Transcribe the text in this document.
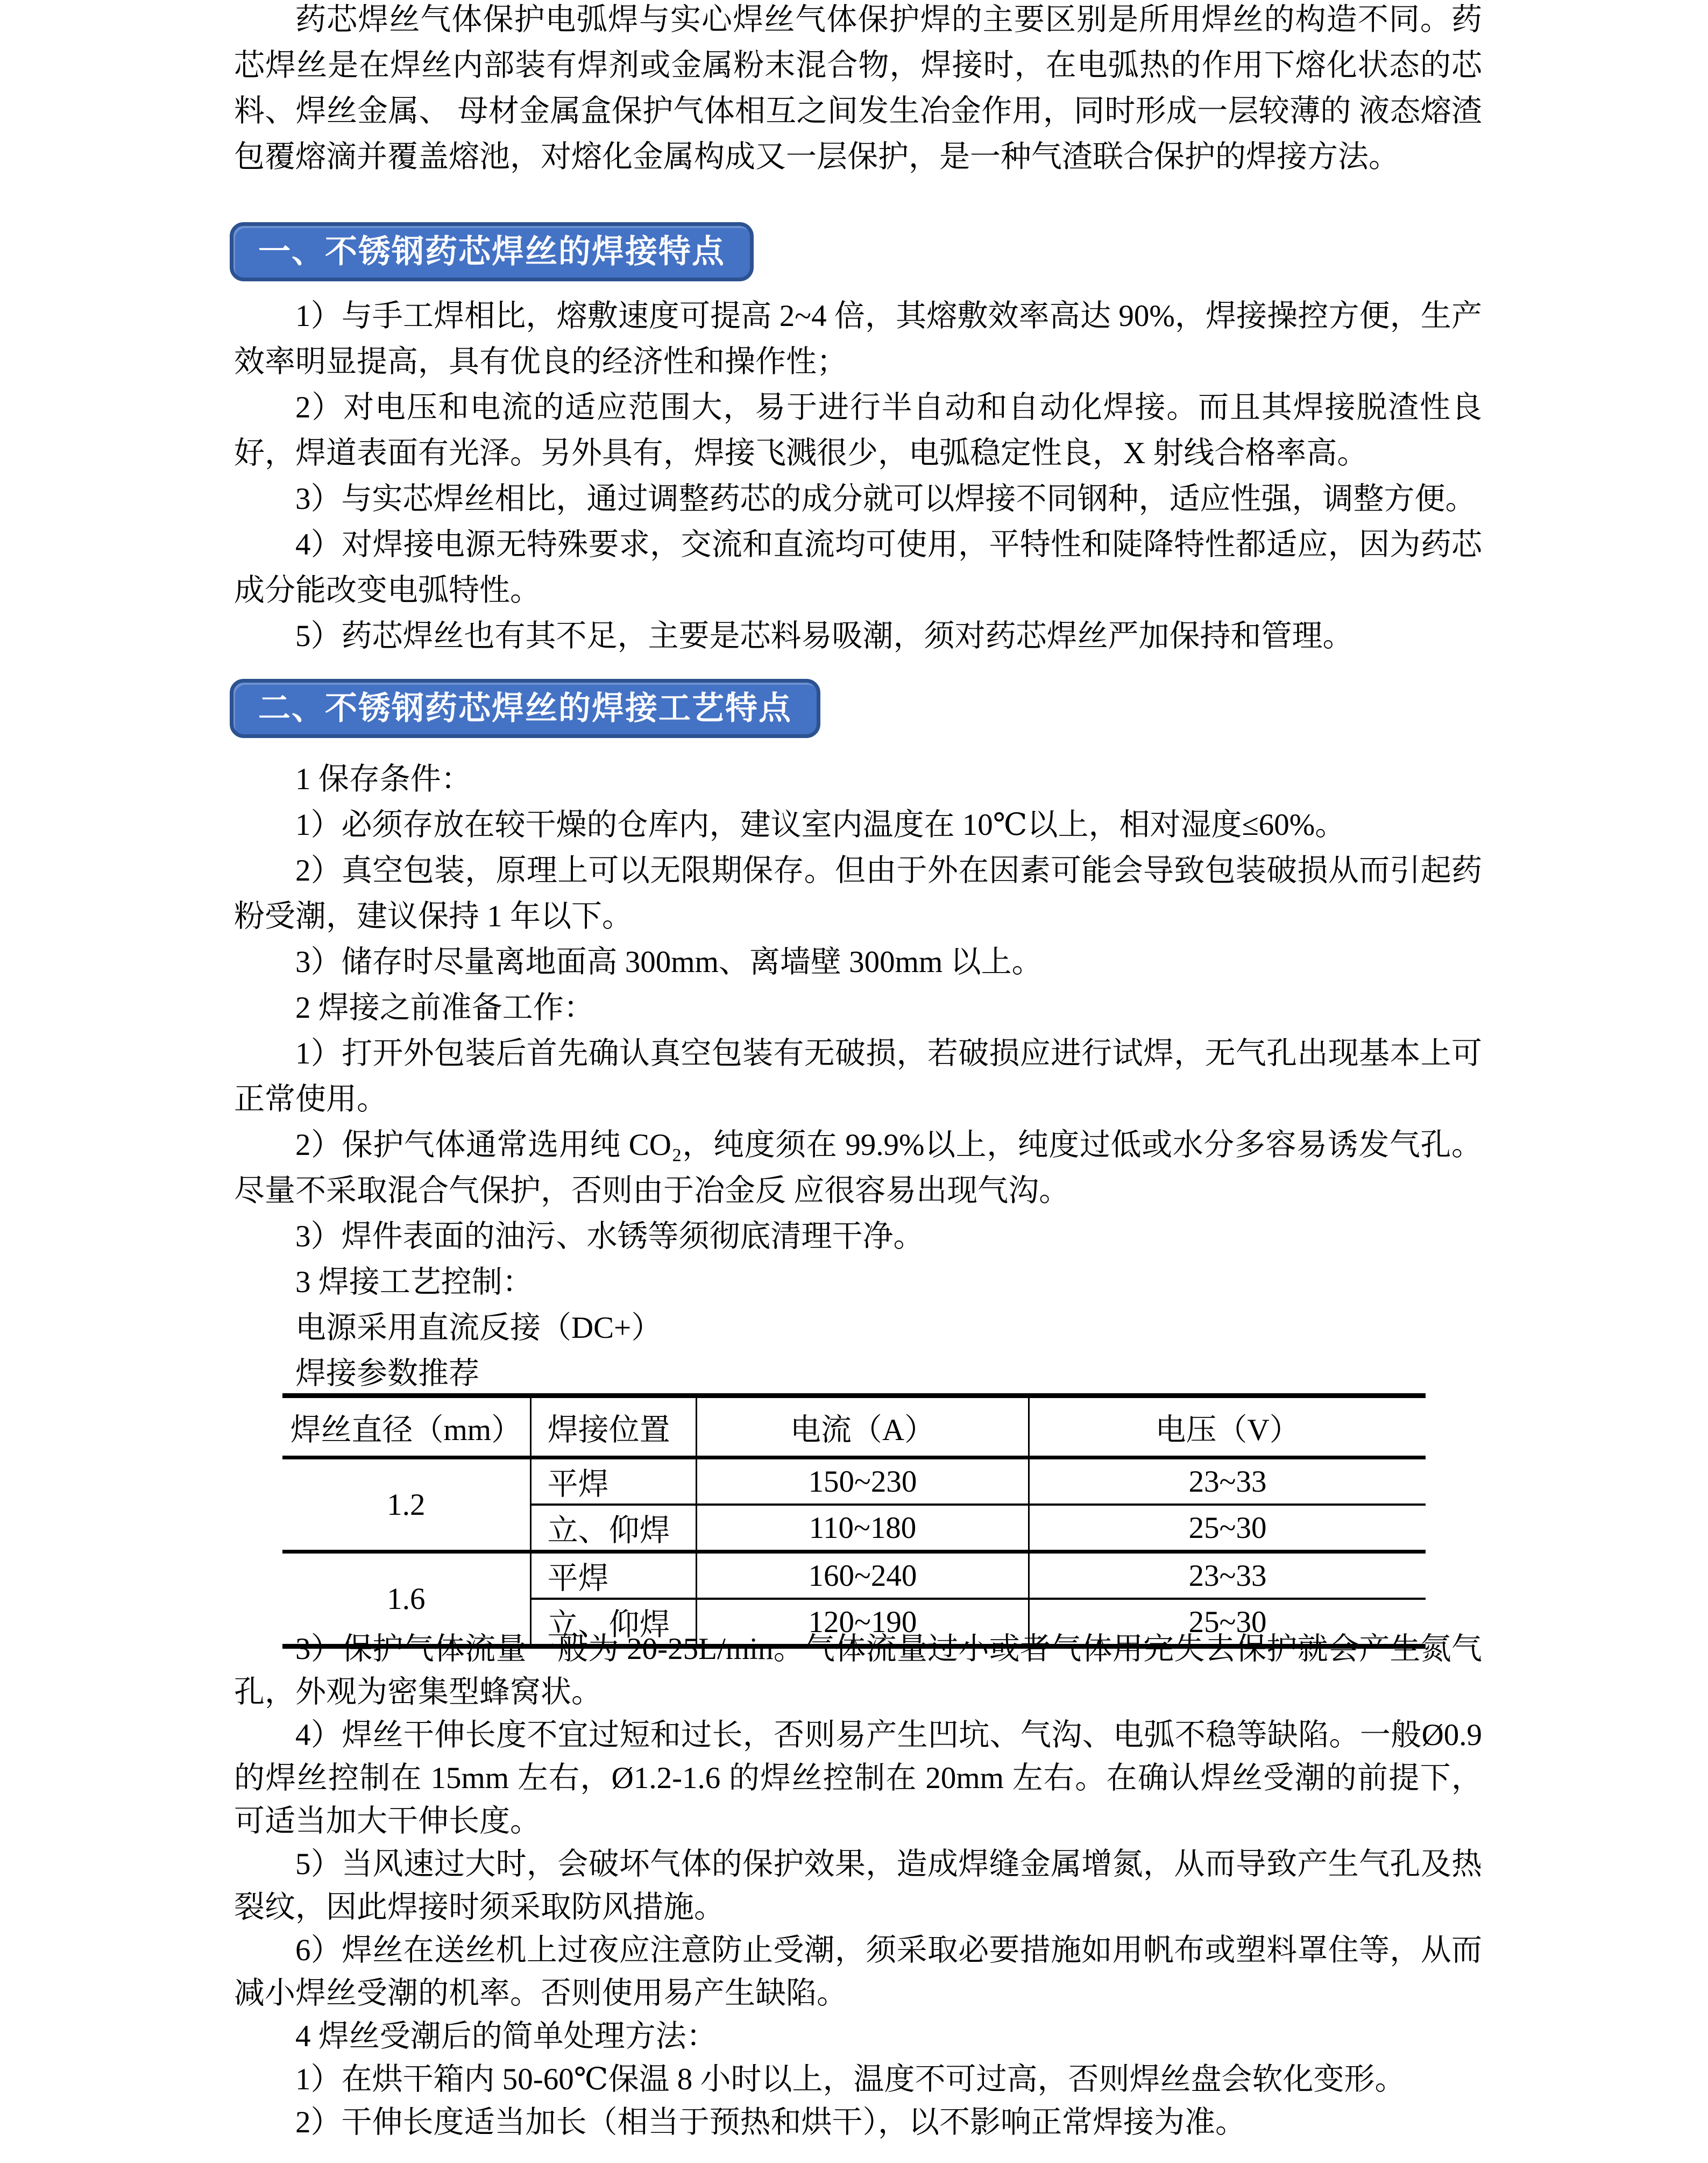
药芯焊丝气体保护电弧焊与实心焊丝气体保护焊的主要区别是所用焊丝的构造不同。药芯焊丝是在焊丝内部装有焊剂或金属粉末混合物，焊接时，在电弧热的作用下熔化状态的芯料、焊丝金属、 母材金属盒保护气体相互之间发生冶金作用，同时形成一层较薄的 液态熔渣包覆熔滴并覆盖熔池，对熔化金属构成又一层保护，是一种气渣联合保护的焊接方法。

一、不锈钢药芯焊丝的焊接特点

1）与手工焊相比，熔敷速度可提高 2~4 倍，其熔敷效率高达 90%，焊接操控方便，生产效率明显提高，具有优良的经济性和操作性；

2）对电压和电流的适应范围大，易于进行半自动和自动化焊接。而且其焊接脱渣性良好，焊道表面有光泽。另外具有，焊接飞溅很少，电弧稳定性良，X 射线合格率高。

3）与实芯焊丝相比，通过调整药芯的成分就可以焊接不同钢种，适应性强，调整方便。

4）对焊接电源无特殊要求，交流和直流均可使用，平特性和陡降特性都适应，因为药芯成分能改变电弧特性。

5）药芯焊丝也有其不足，主要是芯料易吸潮，须对药芯焊丝严加保持和管理。

二、不锈钢药芯焊丝的焊接工艺特点

1 保存条件：

1）必须存放在较干燥的仓库内，建议室内温度在 10℃以上，相对湿度≤60%。

2）真空包装，原理上可以无限期保存。但由于外在因素可能会导致包装破损从而引起药粉受潮，建议保持 1 年以下。

3）储存时尽量离地面高 300mm、离墙壁 300mm 以上。

2 焊接之前准备工作：

1）打开外包装后首先确认真空包装有无破损，若破损应进行试焊，无气孔出现基本上可正常使用。

2）保护气体通常选用纯 CO₂，纯度须在 99.9%以上，纯度过低或水分多容易诱发气孔。尽量不采取混合气保护，否则由于冶金反 应很容易出现气沟。

3）焊件表面的油污、水锈等须彻底清理干净。

3 焊接工艺控制：

电源采用直流反接（DC+）

焊接参数推荐

焊丝直径（mm）	焊接位置	电流（A）	电压（V）
1.2	平焊	150~230	23~33
	立、仰焊	110~180	25~30
1.6	平焊	160~240	23~33
	立、仰焊	120~190	25~30

3）保护气体流量一般为 20-25L/min。气体流量过小或者气体用完失去保护就会产生氮气孔，外观为密集型蜂窝状。

4）焊丝干伸长度不宜过短和过长，否则易产生凹坑、气沟、电弧不稳等缺陷。一般Ø0.9的焊丝控制在 15mm 左右，Ø1.2-1.6 的焊丝控制在 20mm 左右。在确认焊丝受潮的前提下，可适当加大干伸长度。

5）当风速过大时，会破坏气体的保护效果，造成焊缝金属增氮，从而导致产生气孔及热裂纹，因此焊接时须采取防风措施。

6）焊丝在送丝机上过夜应注意防止受潮，须采取必要措施如用帆布或塑料罩住等，从而减小焊丝受潮的机率。否则使用易产生缺陷。

4 焊丝受潮后的简单处理方法：

1）在烘干箱内 50-60℃保温 8 小时以上，温度不可过高，否则焊丝盘会软化变形。

2）干伸长度适当加长（相当于预热和烘干），以不影响正常焊接为准。
